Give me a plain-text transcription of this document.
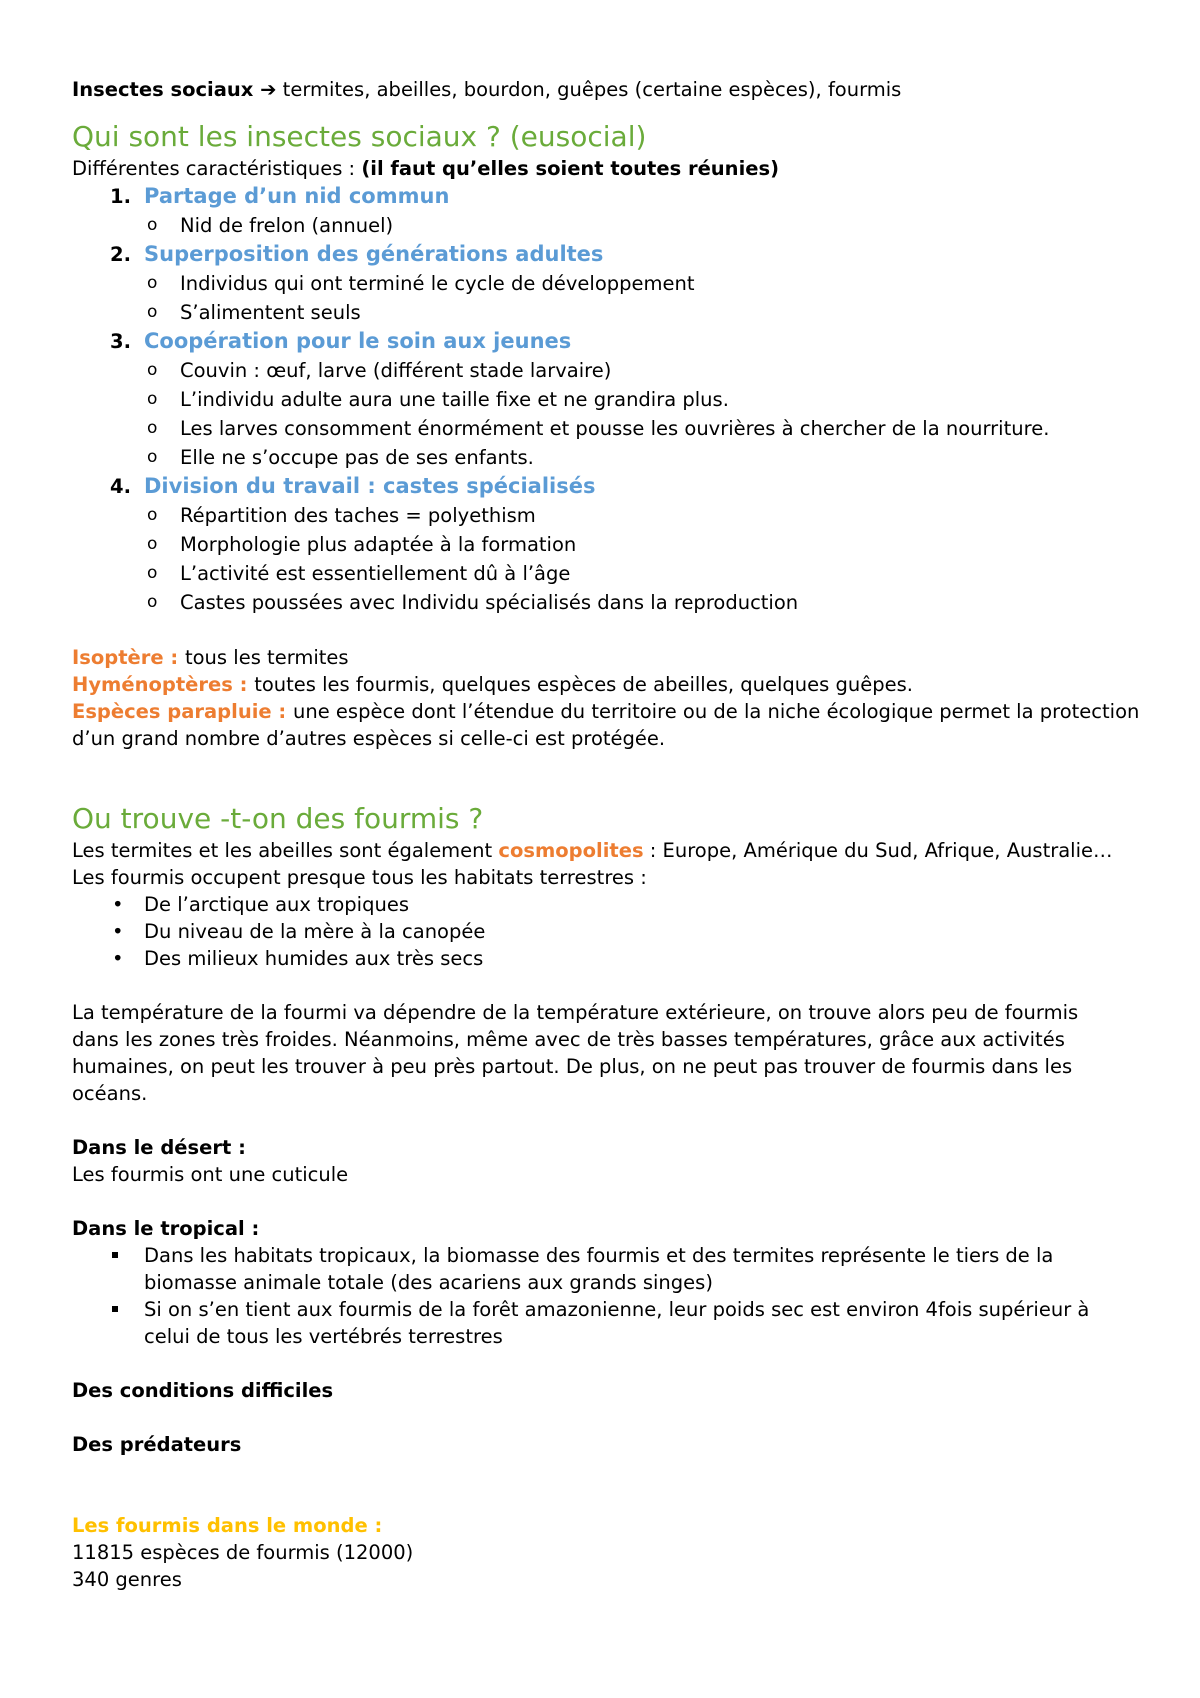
Insectes sociaux ➔ termites, abeilles, bourdon, guêpes (certaine espèces), fourmis
Qui sont les insectes sociaux ? (eusocial)
Différentes caractéristiques : (il faut qu’elles soient toutes réunies)
1. Partage d’un nid commun
o Nid de frelon (annuel)
2. Superposition des générations adultes
o Individus qui ont terminé le cycle de développement
o S’alimentent seuls
3. Coopération pour le soin aux jeunes
o Couvin : œuf, larve (différent stade larvaire)
o L’individu adulte aura une taille fixe et ne grandira plus.
o Les larves consomment énormément et pousse les ouvrières à chercher de la nourriture.
o Elle ne s’occupe pas de ses enfants.
4. Division du travail : castes spécialisés
o Répartition des taches = polyethism
o Morphologie plus adaptée à la formation
o L’activité est essentiellement dû à l’âge
o Castes poussées avec Individu spécialisés dans la reproduction
Isoptère : tous les termites
Hyménoptères : toutes les fourmis, quelques espèces de abeilles, quelques guêpes.
Espèces parapluie : une espèce dont l’étendue du territoire ou de la niche écologique permet la protection
d’un grand nombre d’autres espèces si celle-ci est protégée.
Ou trouve -t-on des fourmis ?
Les termites et les abeilles sont également cosmopolites : Europe, Amérique du Sud, Afrique, Australie…
Les fourmis occupent presque tous les habitats terrestres :
• De l’arctique aux tropiques
• Du niveau de la mère à la canopée
• Des milieux humides aux très secs
La température de la fourmi va dépendre de la température extérieure, on trouve alors peu de fourmis
dans les zones très froides. Néanmoins, même avec de très basses températures, grâce aux activités
humaines, on peut les trouver à peu près partout. De plus, on ne peut pas trouver de fourmis dans les
océans.
Dans le désert :
Les fourmis ont une cuticule
Dans le tropical :
Dans les habitats tropicaux, la biomasse des fourmis et des termites représente le tiers de la
biomasse animale totale (des acariens aux grands singes)
Si on s’en tient aux fourmis de la forêt amazonienne, leur poids sec est environ 4fois supérieur à
celui de tous les vertébrés terrestres
Des conditions difficiles
Des prédateurs
Les fourmis dans le monde :
11815 espèces de fourmis (12000)
340 genres
